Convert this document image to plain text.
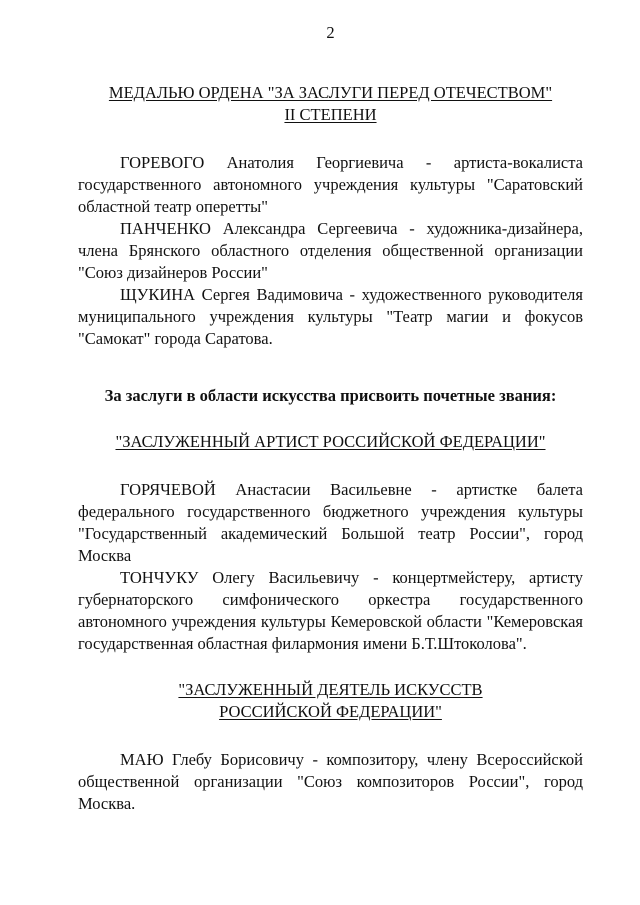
2
МЕДАЛЬЮ ОРДЕНА "ЗА ЗАСЛУГИ ПЕРЕД ОТЕЧЕСТВОМ"
II СТЕПЕНИ

ГОРЕВОГО Анатолия Георгиевича - артиста-вокалиста государственного автономного учреждения культуры "Саратовский областной театр оперетты"

ПАНЧЕНКО Александра Сергеевича - художника-дизайнера, члена Брянского областного отделения общественной организации "Союз дизайнеров России"

ЩУКИНА Сергея Вадимовича - художественного руководителя муниципального учреждения культуры "Театр магии и фокусов "Самокат" города Саратова.

За заслуги в области искусства присвоить почетные звания:

"ЗАСЛУЖЕННЫЙ АРТИСТ РОССИЙСКОЙ ФЕДЕРАЦИИ"

ГОРЯЧЕВОЙ Анастасии Васильевне - артистке балета федерального государственного бюджетного учреждения культуры "Государственный академический Большой театр России", город Москва

ТОНЧУКУ Олегу Васильевичу - концертмейстеру, артисту губернаторского симфонического оркестра государственного автономного учреждения культуры Кемеровской области "Кемеровская государственная областная филармония имени Б.Т.Штоколова".

"ЗАСЛУЖЕННЫЙ ДЕЯТЕЛЬ ИСКУССТВ
РОССИЙСКОЙ ФЕДЕРАЦИИ"

МАЮ Глебу Борисовичу - композитору, члену Всероссийской общественной организации "Союз композиторов России", город Москва.
